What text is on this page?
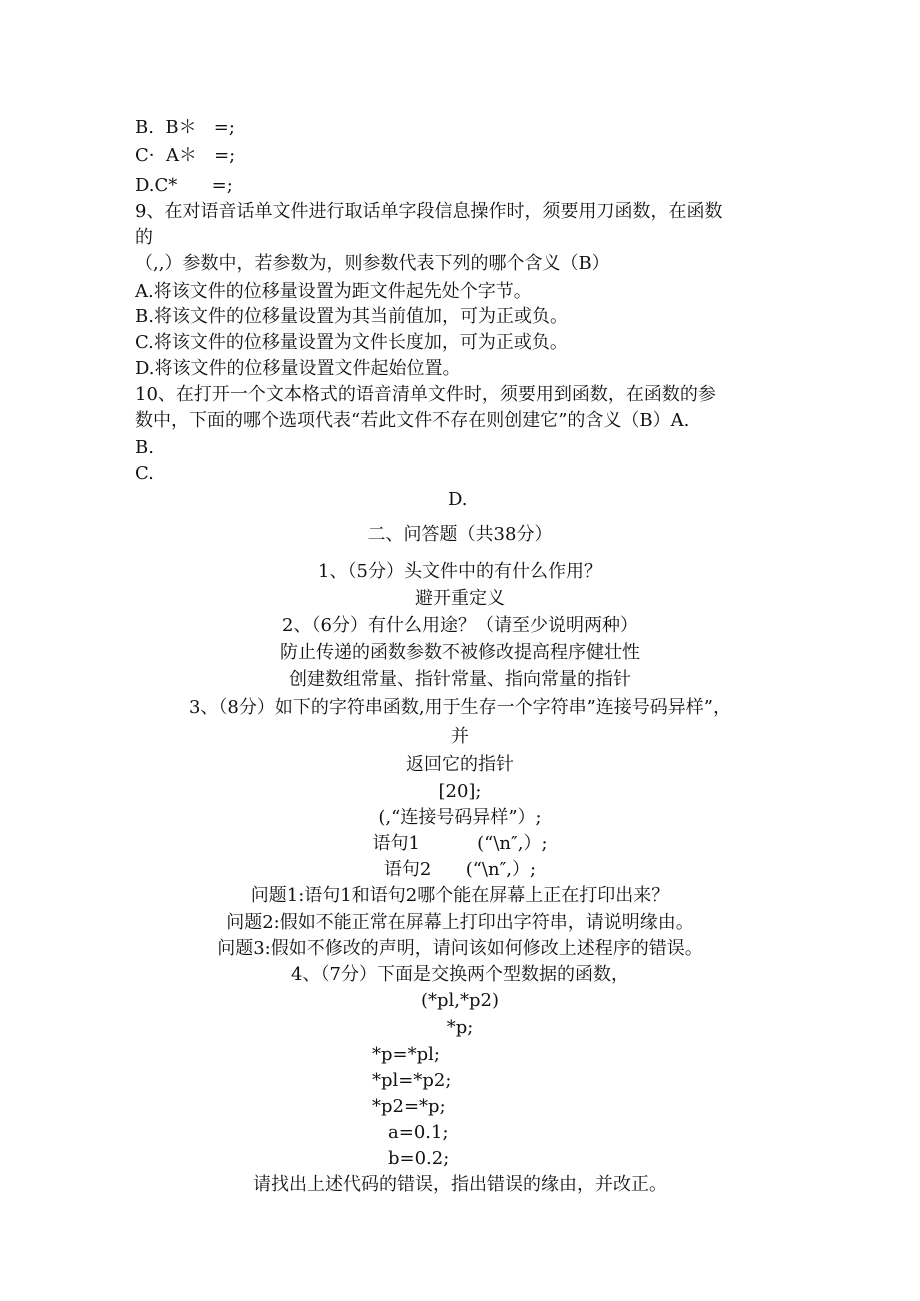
B.  B＊   =;
C·  A＊   =;
D.C*      =;
9、在对语音话单文件进行取话单字段信息操作时，须要用刀函数，在函数
的
（,,）参数中，若参数为，则参数代表下列的哪个含义（B）
A.将该文件的位移量设置为距文件起先处个字节。
B.将该文件的位移量设置为其当前值加，可为正或负。
C.将该文件的位移量设置为文件长度加，可为正或负。
D.将该文件的位移量设置文件起始位置。
10、在打开一个文本格式的语音清单文件时，须要用到函数，在函数的参
数中，下面的哪个选项代表“若此文件不存在则创建它”的含义（B）A.
B.
C.
D.
二、问答题（共38分）
1、（5分）头文件中的有什么作用？
避开重定义
2、（6分）有什么用途？（请至少说明两种）
防止传递的函数参数不被修改提高程序健壮性
创建数组常量、指针常量、指向常量的指针
3、（8分）如下的字符串函数,用于生存一个字符串”连接号码异样”，
并
返回它的指针
[20];
(,“连接号码异样”）;
语句1          (“\n″,）;
语句2      (“\n″,）;
问题1:语句1和语句2哪个能在屏幕上正在打印出来？
问题2:假如不能正常在屏幕上打印出字符串，请说明缘由。
问题3:假如不修改的声明，请问该如何修改上述程序的错误。
4、（7分）下面是交换两个型数据的函数，
(*pl,*p2)
*p;
*p=*pl;
*pl=*p2;
*p2=*p;
a=0.1;
b=0.2;
请找出上述代码的错误，指出错误的缘由，并改正。
